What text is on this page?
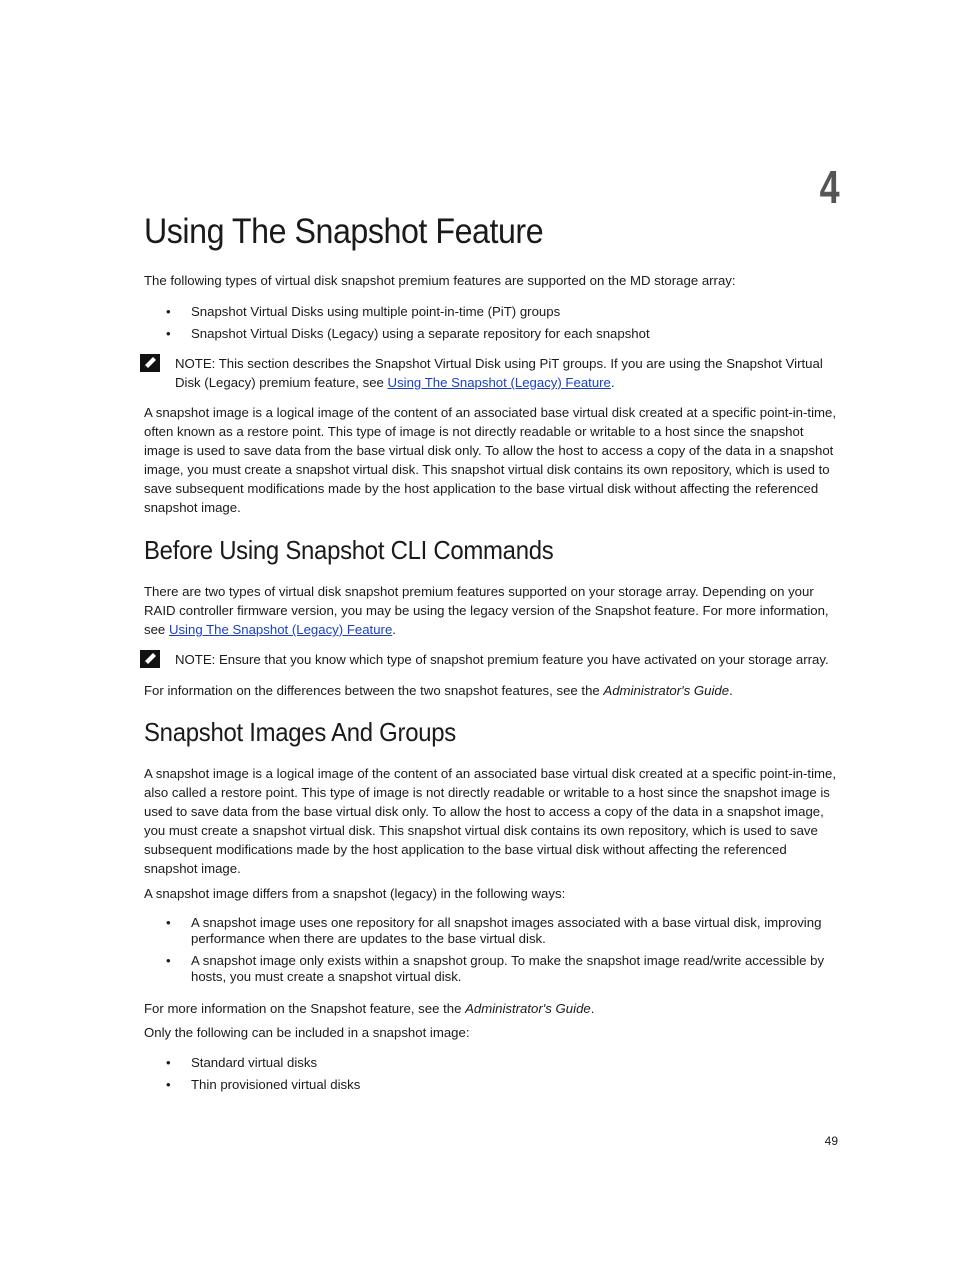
4
Using The Snapshot Feature

The following types of virtual disk snapshot premium features are supported on the MD storage array:

• Snapshot Virtual Disks using multiple point-in-time (PiT) groups
• Snapshot Virtual Disks (Legacy) using a separate repository for each snapshot
NOTE: This section describes the Snapshot Virtual Disk using PiT groups. If you are using the Snapshot Virtual Disk (Legacy) premium feature, see Using The Snapshot (Legacy) Feature.

A snapshot image is a logical image of the content of an associated base virtual disk created at a specific point-in-time, often known as a restore point. This type of image is not directly readable or writable to a host since the snapshot image is used to save data from the base virtual disk only. To allow the host to access a copy of the data in a snapshot image, you must create a snapshot virtual disk. This snapshot virtual disk contains its own repository, which is used to save subsequent modifications made by the host application to the base virtual disk without affecting the referenced snapshot image.

Before Using Snapshot CLI Commands

There are two types of virtual disk snapshot premium features supported on your storage array. Depending on your RAID controller firmware version, you may be using the legacy version of the Snapshot feature. For more information, see Using The Snapshot (Legacy) Feature.

NOTE: Ensure that you know which type of snapshot premium feature you have activated on your storage array.

For information on the differences between the two snapshot features, see the Administrator's Guide.

Snapshot Images And Groups

A snapshot image is a logical image of the content of an associated base virtual disk created at a specific point-in-time, also called a restore point. This type of image is not directly readable or writable to a host since the snapshot image is used to save data from the base virtual disk only. To allow the host to access a copy of the data in a snapshot image, you must create a snapshot virtual disk. This snapshot virtual disk contains its own repository, which is used to save subsequent modifications made by the host application to the base virtual disk without affecting the referenced snapshot image.

A snapshot image differs from a snapshot (legacy) in the following ways:

• A snapshot image uses one repository for all snapshot images associated with a base virtual disk, improving performance when there are updates to the base virtual disk.
• A snapshot image only exists within a snapshot group. To make the snapshot image read/write accessible by hosts, you must create a snapshot virtual disk.

For more information on the Snapshot feature, see the Administrator's Guide.

Only the following can be included in a snapshot image:

• Standard virtual disks
• Thin provisioned virtual disks
49
